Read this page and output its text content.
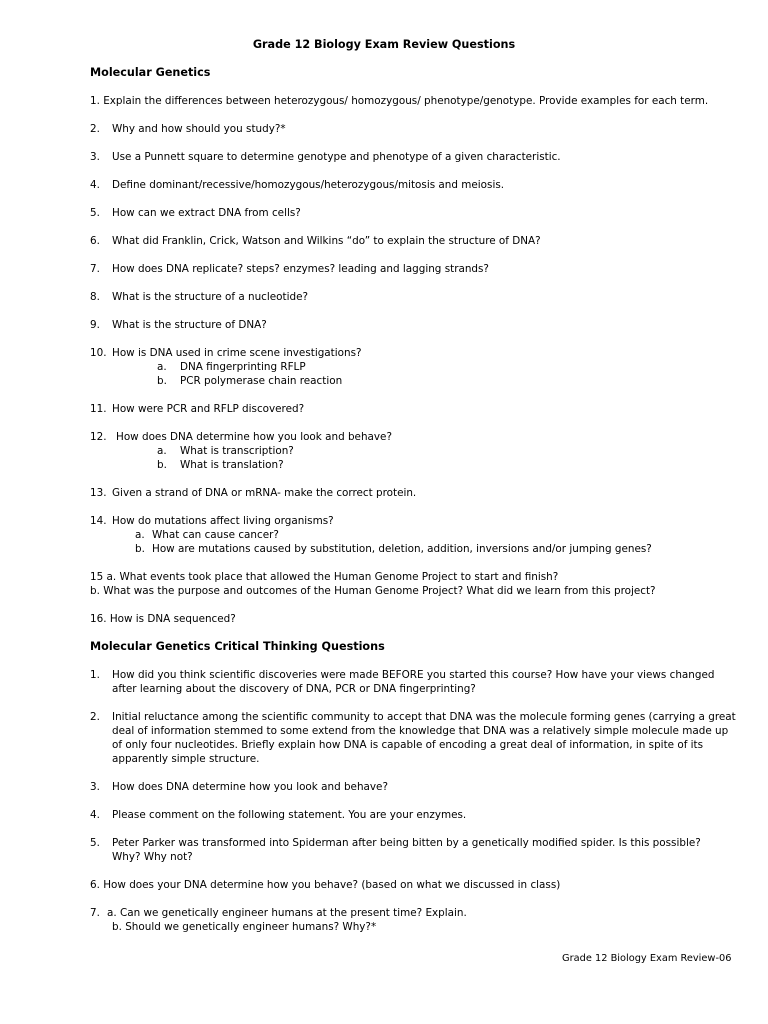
Grade 12 Biology Exam Review Questions
Molecular Genetics
1. Explain the differences between heterozygous/ homozygous/ phenotype/genotype. Provide examples for each term.
2. Why and how should you study?*
3. Use a Punnett square to determine genotype and phenotype of a given characteristic.
4. Define dominant/recessive/homozygous/heterozygous/mitosis and meiosis.
5. How can we extract DNA from cells?
6. What did Franklin, Crick, Watson and Wilkins “do” to explain the structure of DNA?
7. How does DNA replicate? steps? enzymes? leading and lagging strands?
8. What is the structure of a nucleotide?
9. What is the structure of DNA?
10. How is DNA used in crime scene investigations?
a. DNA fingerprinting RFLP
b. PCR polymerase chain reaction
11. How were PCR and RFLP discovered?
12. How does DNA determine how you look and behave?
a. What is transcription?
b. What is translation?
13. Given a strand of DNA or mRNA- make the correct protein.
14. How do mutations affect living organisms?
a. What can cause cancer?
b. How are mutations caused by substitution, deletion, addition, inversions and/or jumping genes?
15 a. What events took place that allowed the Human Genome Project to start and finish?
b. What was the purpose and outcomes of the Human Genome Project? What did we learn from this project?
16. How is DNA sequenced?
Molecular Genetics Critical Thinking Questions
1. How did you think scientific discoveries were made BEFORE you started this course? How have your views changed
after learning about the discovery of DNA, PCR or DNA fingerprinting?
2. Initial reluctance among the scientific community to accept that DNA was the molecule forming genes (carrying a great
deal of information stemmed to some extend from the knowledge that DNA was a relatively simple molecule made up
of only four nucleotides. Briefly explain how DNA is capable of encoding a great deal of information, in spite of its
apparently simple structure.
3. How does DNA determine how you look and behave?
4. Please comment on the following statement. You are your enzymes.
5. Peter Parker was transformed into Spiderman after being bitten by a genetically modified spider. Is this possible?
Why? Why not?
6. How does your DNA determine how you behave? (based on what we discussed in class)
7. a. Can we genetically engineer humans at the present time? Explain.
b. Should we genetically engineer humans? Why?*
Grade 12 Biology Exam Review-06
